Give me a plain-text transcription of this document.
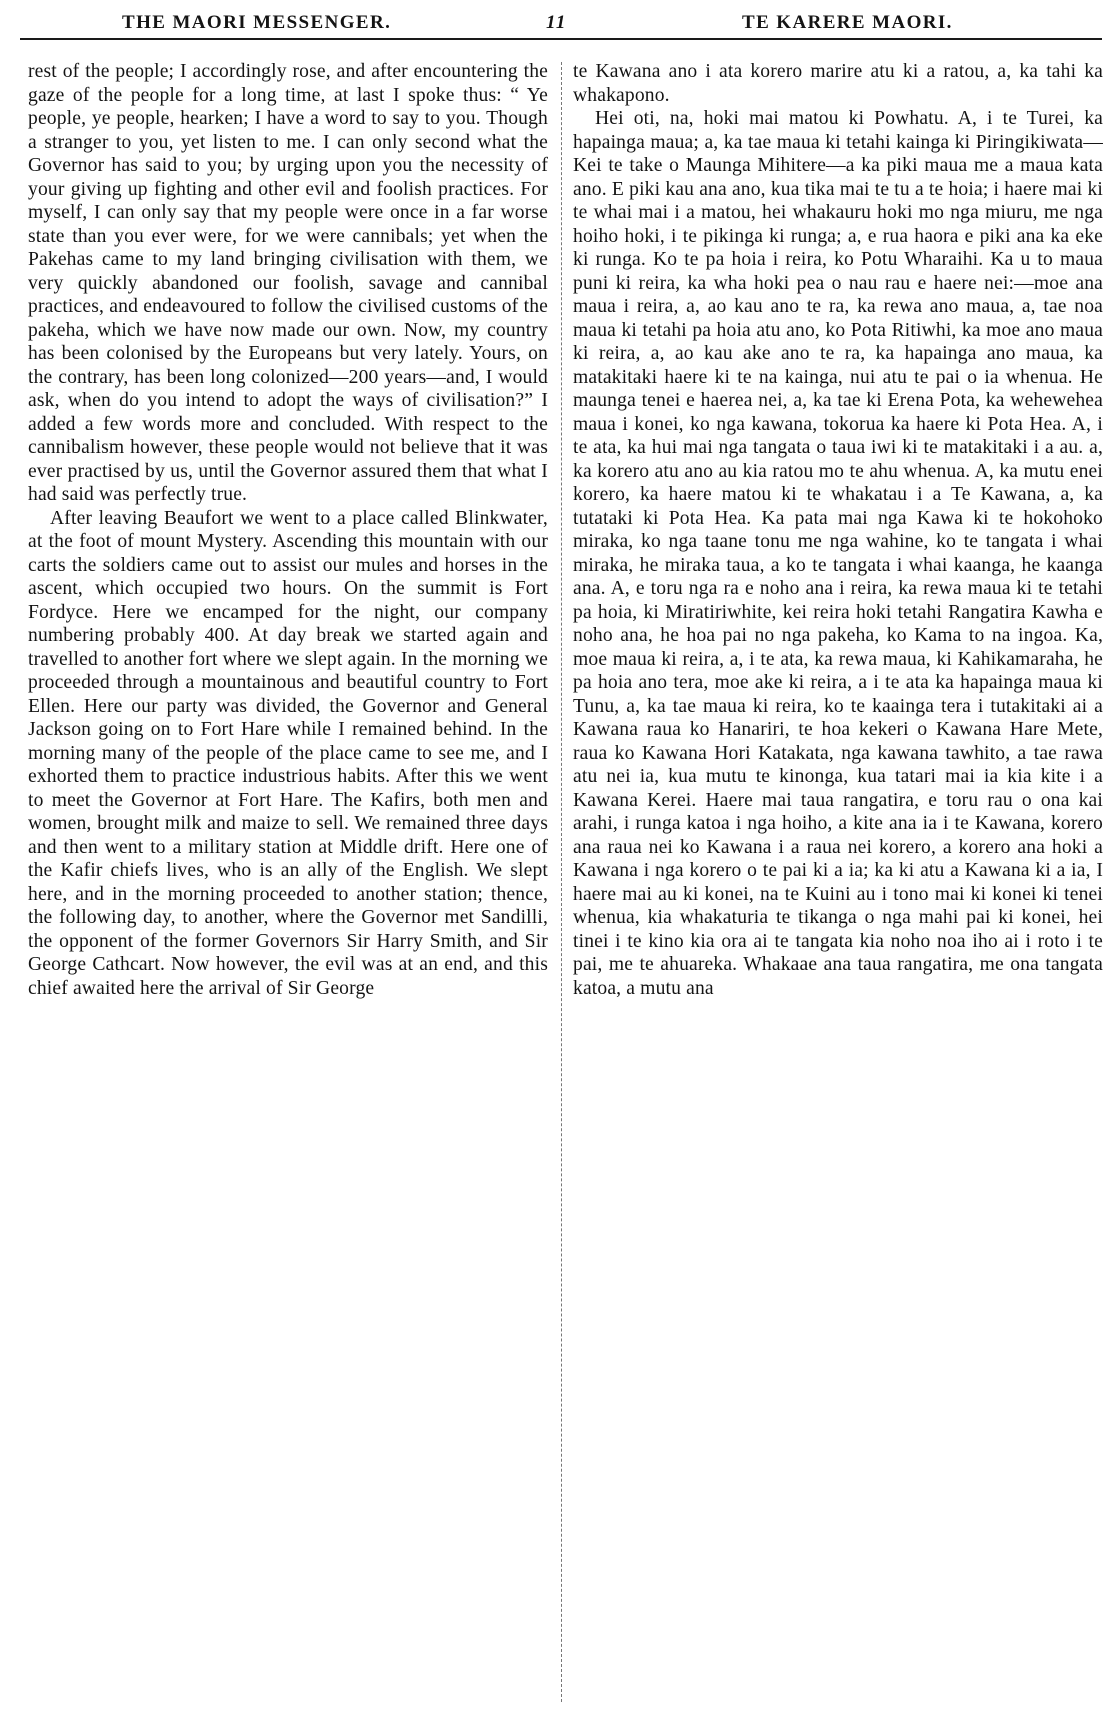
THE MAORI MESSENGER.	11	TE KARERE MAORI.

rest of the people; I accordingly rose, and after encountering the gaze of the people for a long time, at last I spoke thus: “ Ye people, ye people, hearken; I have a word to say to you. Though a stranger to you, yet listen to me. I can only second what the Governor has said to you; by urging upon you the necessity of your giving up fighting and other evil and foolish practices. For myself, I can only say that my people were once in a far worse state than you ever were, for we were cannibals; yet when the Pakehas came to my land bringing civilisation with them, we very quickly abandoned our foolish, savage and cannibal practices, and endeavoured to follow the civilised customs of the pakeha, which we have now made our own. Now, my country has been colonised by the Europeans but very lately. Yours, on the contrary, has been long colonized—200 years—and, I would ask, when do you intend to adopt the ways of civilisation?” I added a few words more and concluded. With respect to the cannibalism however, these people would not believe that it was ever practised by us, until the Governor assured them that what I had said was perfectly true.

After leaving Beaufort we went to a place called Blinkwater, at the foot of mount Mystery. Ascending this mountain with our carts the soldiers came out to assist our mules and horses in the ascent, which occupied two hours. On the summit is Fort Fordyce. Here we encamped for the night, our company numbering probably 400. At day break we started again and travelled to another fort where we slept again. In the morning we proceeded through a mountainous and beautiful country to Fort Ellen. Here our party was divided, the Governor and General Jackson going on to Fort Hare while I remained behind. In the morning many of the people of the place came to see me, and I exhorted them to practice industrious habits. After this we went to meet the Governor at Fort Hare. The Kafirs, both men and women, brought milk and maize to sell. We remained three days and then went to a military station at Middle drift. Here one of the Kafir chiefs lives, who is an ally of the English. We slept here, and in the morning proceeded to another station; thence, the following day, to another, where the Governor met Sandilli, the opponent of the former Governors Sir Harry Smith, and Sir George Cathcart. Now however, the evil was at an end, and this chief awaited here the arrival of Sir George

te Kawana ano i ata korero marire atu ki a ratou, a, ka tahi ka whakapono.

Hei oti, na, hoki mai matou ki Powhatu. A, i te Turei, ka hapainga maua; a, ka tae maua ki tetahi kainga ki Piringikiwata—Kei te take o Maunga Mihitere—a ka piki maua me a maua kata ano. E piki kau ana ano, kua tika mai te tu a te hoia; i haere mai ki te whai mai i a matou, hei whakauru hoki mo nga miuru, me nga hoiho hoki, i te pikinga ki runga; a, e rua haora e piki ana ka eke ki runga. Ko te pa hoia i reira, ko Potu Wharaihi. Ka u to maua puni ki reira, ka wha hoki pea o nau rau e haere nei:—moe ana maua i reira, a, ao kau ano te ra, ka rewa ano maua, a, tae noa maua ki tetahi pa hoia atu ano, ko Pota Ritiwhi, ka moe ano maua ki reira, a, ao kau ake ano te ra, ka hapainga ano maua, ka matakitaki haere ki te na kainga, nui atu te pai o ia whenua. He maunga tenei e haerea nei, a, ka tae ki Erena Pota, ka wehewehea maua i konei, ko nga kawana, tokorua ka haere ki Pota Hea. A, i te ata, ka hui mai nga tangata o taua iwi ki te matakitaki i a au. a, ka korero atu ano au kia ratou mo te ahu whenua. A, ka mutu enei korero, ka haere matou ki te whakatau i a Te Kawana, a, ka tutataki ki Pota Hea. Ka pata mai nga Kawa ki te hokohoko miraka, ko nga taane tonu me nga wahine, ko te tangata i whai miraka, he miraka taua, a ko te tangata i whai kaanga, he kaanga ana. A, e toru nga ra e noho ana i reira, ka rewa maua ki te tetahi pa hoia, ki Miratiriwhite, kei reira hoki tetahi Rangatira Kawha e noho ana, he hoa pai no nga pakeha, ko Kama to na ingoa. Ka, moe maua ki reira, a, i te ata, ka rewa maua, ki Kahikamaraha, he pa hoia ano tera, moe ake ki reira, a i te ata ka hapainga maua ki Tunu, a, ka tae maua ki reira, ko te kaainga tera i tutakitaki ai a Kawana raua ko Hanariri, te hoa kekeri o Kawana Hare Mete, raua ko Kawana Hori Katakata, nga kawana tawhito, a tae rawa atu nei ia, kua mutu te kinonga, kua tatari mai ia kia kite i a Kawana Kerei. Haere mai taua rangatira, e toru rau o ona kai arahi, i runga katoa i nga hoiho, a kite ana ia i te Kawana, korero ana raua nei ko Kawana i a raua nei korero, a korero ana hoki a Kawana i nga korero o te pai ki a ia; ka ki atu a Kawana ki a ia, I haere mai au ki konei, na te Kuini au i tono mai ki konei ki tenei whenua, kia whakaturia te tikanga o nga mahi pai ki konei, hei tinei i te kino kia ora ai te tangata kia noho noa iho ai i roto i te pai, me te ahuareka. Whakaae ana taua rangatira, me ona tangata katoa, a mutu ana
